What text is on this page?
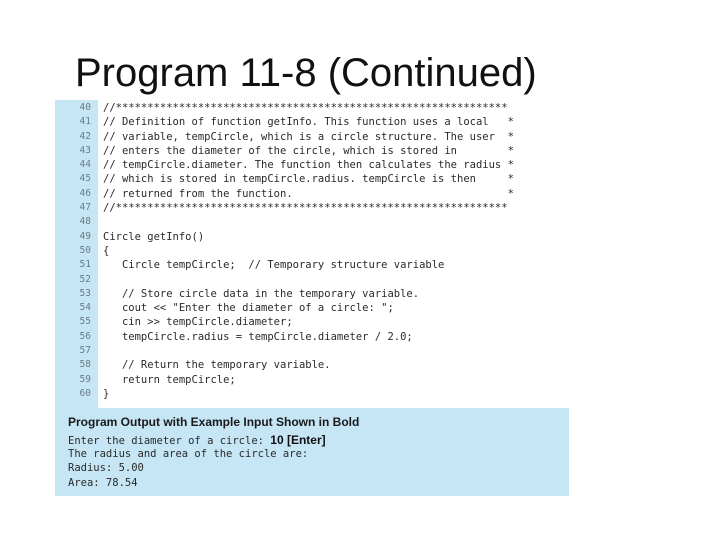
Program 11-8 (Continued)
40 //**************************************************************
41 // Definition of function getInfo. This function uses a local   *
42 // variable, tempCircle, which is a circle structure. The user  *
43 // enters the diameter of the circle, which is stored in        *
44 // tempCircle.diameter. The function then calculates the radius *
45 // which is stored in tempCircle.radius. tempCircle is then     *
46 // returned from the function.                                  *
47 //**************************************************************
48
49 Circle getInfo()
50 {
51 Circle tempCircle;  // Temporary structure variable
52
53 // Store circle data in the temporary variable.
54 cout << "Enter the diameter of a circle: ";
55 cin >> tempCircle.diameter;
56 tempCircle.radius = tempCircle.diameter / 2.0;
57
58 // Return the temporary variable.
59 return tempCircle;
60 }
Program Output with Example Input Shown in Bold
Enter the diameter of a circle: 10 [Enter]
The radius and area of the circle are:
Radius: 5.00
Area: 78.54
